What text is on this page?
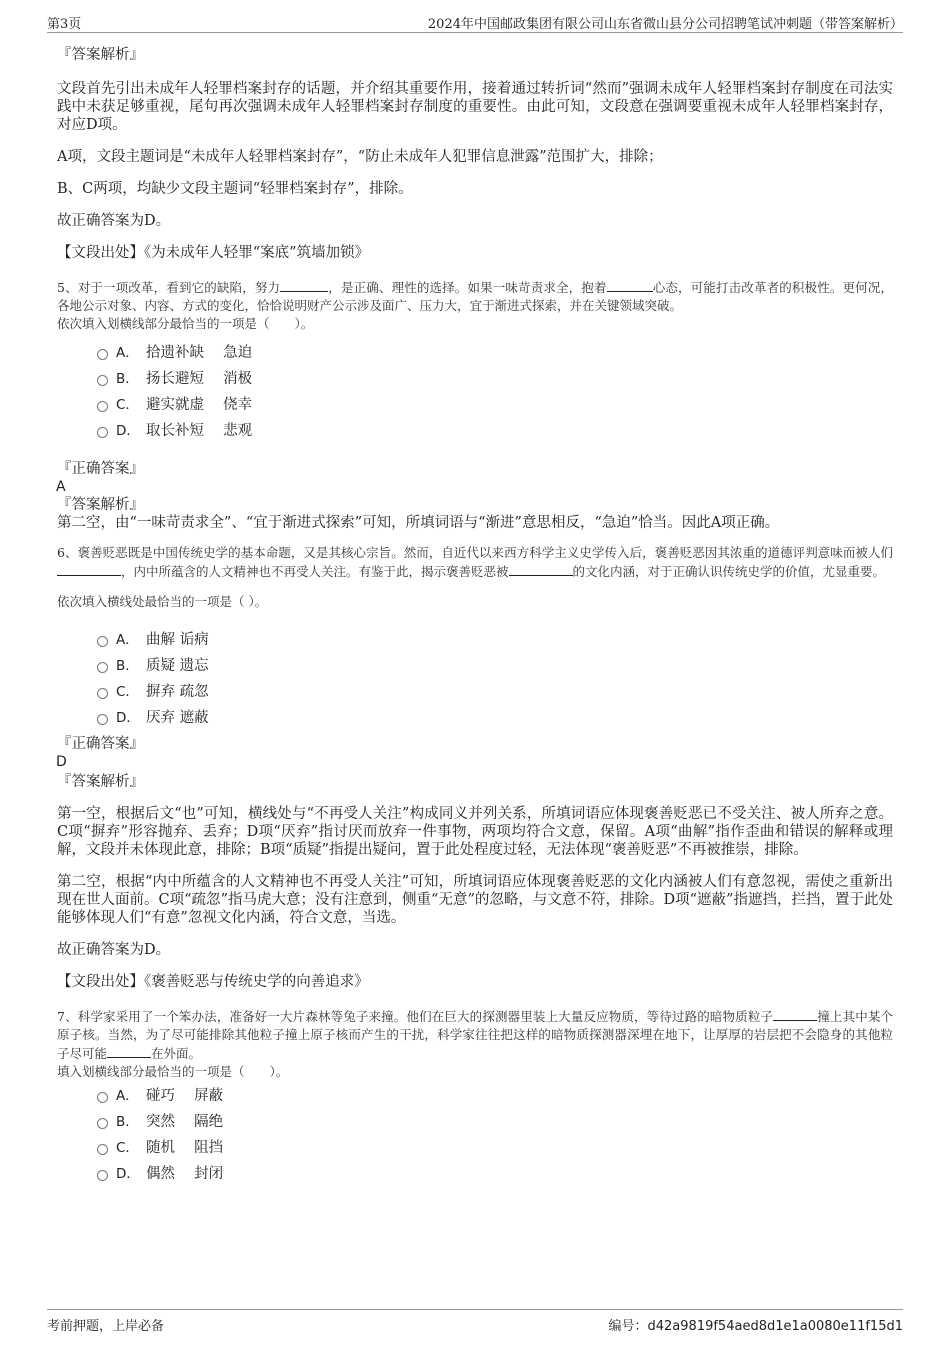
第3页	2024年中国邮政集团有限公司山东省微山县分公司招聘笔试冲刺题（带答案解析）

『答案解析』

文段首先引出未成年人轻罪档案封存的话题，并介绍其重要作用，接着通过转折词“然而”强调未成年人轻罪档案封存制度在司法实践中未获足够重视，尾句再次强调未成年人轻罪档案封存制度的重要性。由此可知，文段意在强调要重视未成年人轻罪档案封存，对应D项。

A项，文段主题词是“未成年人轻罪档案封存”，“防止未成年人犯罪信息泄露”范围扩大，排除；

B、C两项，均缺少文段主题词“轻罪档案封存”，排除。

故正确答案为D。

【文段出处】《为未成年人轻罪“案底”筑墙加锁》

5、对于一项改革，看到它的缺陷，努力	，是正确、理性的选择。如果一味苛责求全，抱着	心态，可能打击改革者的积极性。更何况，各地公示对象、内容、方式的变化，恰恰说明财产公示涉及面广、压力大，宜于渐进式探索，并在关键领域突破。

依次填入划横线部分最恰当的一项是（　　）。

A． 拾遗补缺　 急迫
B． 扬长避短　 消极
C． 避实就虚　 侥幸
D． 取长补短　 悲观

『正确答案』

A

『答案解析』

第二空，由“一味苛责求全”、“宜于渐进式探索”可知，所填词语与“渐进”意思相反，“急迫”恰当。因此A项正确。

6、褒善贬恶既是中国传统史学的基本命题，又是其核心宗旨。然而，自近代以来西方科学主义史学传入后，褒善贬恶因其浓重的道德评判意味而被人们，内中所蕴含的人文精神也不再受人关注。有鉴于此，揭示褒善贬恶被	的文化内涵，对于正确认识传统史学的价值，尤显重要。

依次填入横线处最恰当的一项是（ ）。

A． 曲解 诟病
B． 质疑 遗忘
C． 摒弃 疏忽
D． 厌弃 遮蔽

『正确答案』

D

『答案解析』

第一空，根据后文“也”可知，横线处与“不再受人关注”构成同义并列关系，所填词语应体现褒善贬恶已不受关注、被人所弃之意。C项“摒弃”形容抛弃、丢弃；D项“厌弃”指讨厌而放弃一件事物，两项均符合文意，保留。A项“曲解”指作歪曲和错误的解释或理解，文段并未体现此意，排除；B项“质疑”指提出疑问，置于此处程度过轻，无法体现“褒善贬恶”不再被推崇，排除。

第二空，根据“内中所蕴含的人文精神也不再受人关注”可知，所填词语应体现褒善贬恶的文化内涵被人们有意忽视，需使之重新出现在世人面前。C项“疏忽”指马虎大意；没有注意到，侧重“无意”的忽略，与文意不符，排除。D项“遮蔽”指遮挡，拦挡，置于此处能够体现人们“有意”忽视文化内涵，符合文意，当选。

故正确答案为D。

【文段出处】《褒善贬恶与传统史学的向善追求》

7、科学家采用了一个笨办法，准备好一大片森林等兔子来撞。他们在巨大的探测器里装上大量反应物质，等待过路的暗物质粒子	撞上其中某个原子核。当然，为了尽可能排除其他粒子撞上原子核而产生的干扰，科学家往往把这样的暗物质探测器深埋在地下，让厚厚的岩层把不会隐身的其他粒子尽可能	在外面。

填入划横线部分最恰当的一项是（　　）。

A． 碰巧　 屏蔽
B． 突然　 隔绝
C． 随机　 阻挡
D． 偶然　 封闭
考前押题，上岸必备	编号：d42a9819f54aed8d1e1a0080e11f15d1
